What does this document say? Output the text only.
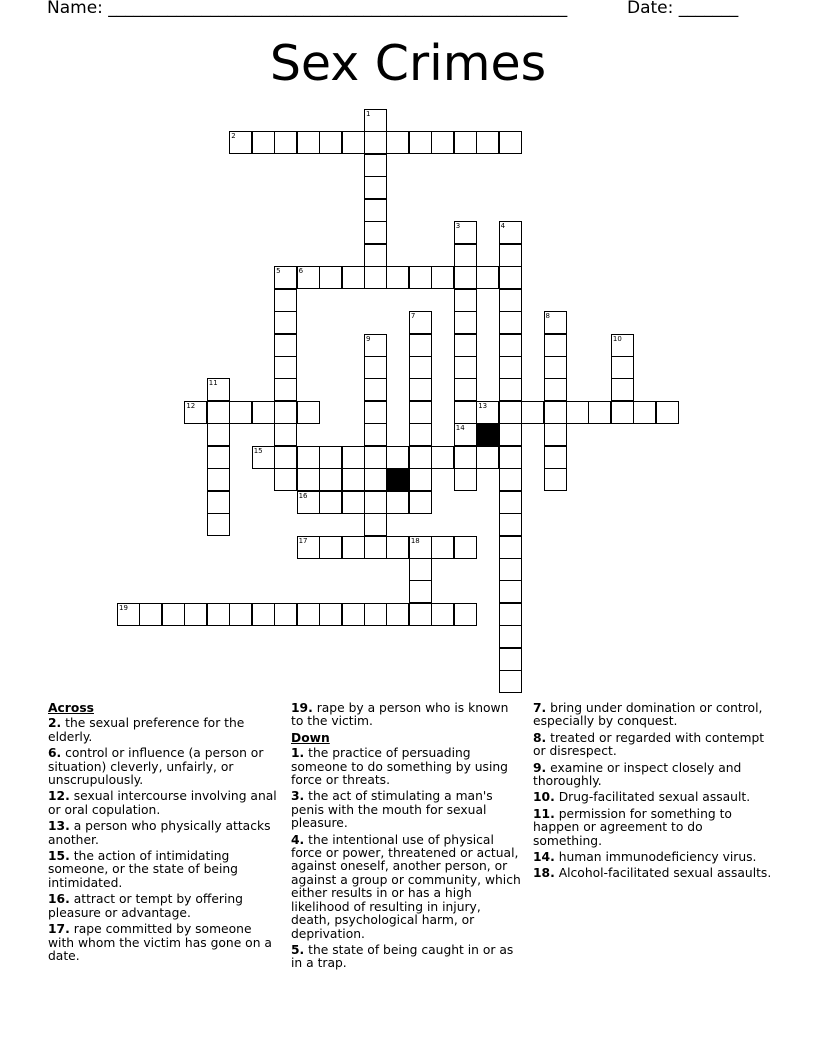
Name: ______________________________________________________	Date: _______
Sex Crimes
1
2
3
14
4
5	6
7	8
9	10
11
12	13
15
16
17	18
19
Across
2. the sexual preference for the elderly.
6. control or influence (a person or situation) cleverly, unfairly, or unscrupulously.
12. sexual intercourse involving anal or oral copulation.
13. a person who physically attacks another.
15. the action of intimidating someone, or the state of being intimidated.
16. attract or tempt by offering pleasure or advantage.
17. rape committed by someone with whom the victim has gone on a date.
19. rape by a person who is known to the victim.
Down
1. the practice of persuading someone to do something by using force or threats.
3. the act of stimulating a man's penis with the mouth for sexual pleasure.
4. the intentional use of physical force or power, threatened or actual, against oneself, another person, or against a group or community, which either results in or has a high likelihood of resulting in injury, death, psychological harm, or deprivation.
5. the state of being caught in or as in a trap.
7. bring under domination or control, especially by conquest.
8. treated or regarded with contempt or disrespect.
9. examine or inspect closely and thoroughly.
10. Drug-facilitated sexual assault.
11. permission for something to happen or agreement to do something.
14. human immunodeficiency virus.
18. Alcohol-facilitated sexual assaults.
